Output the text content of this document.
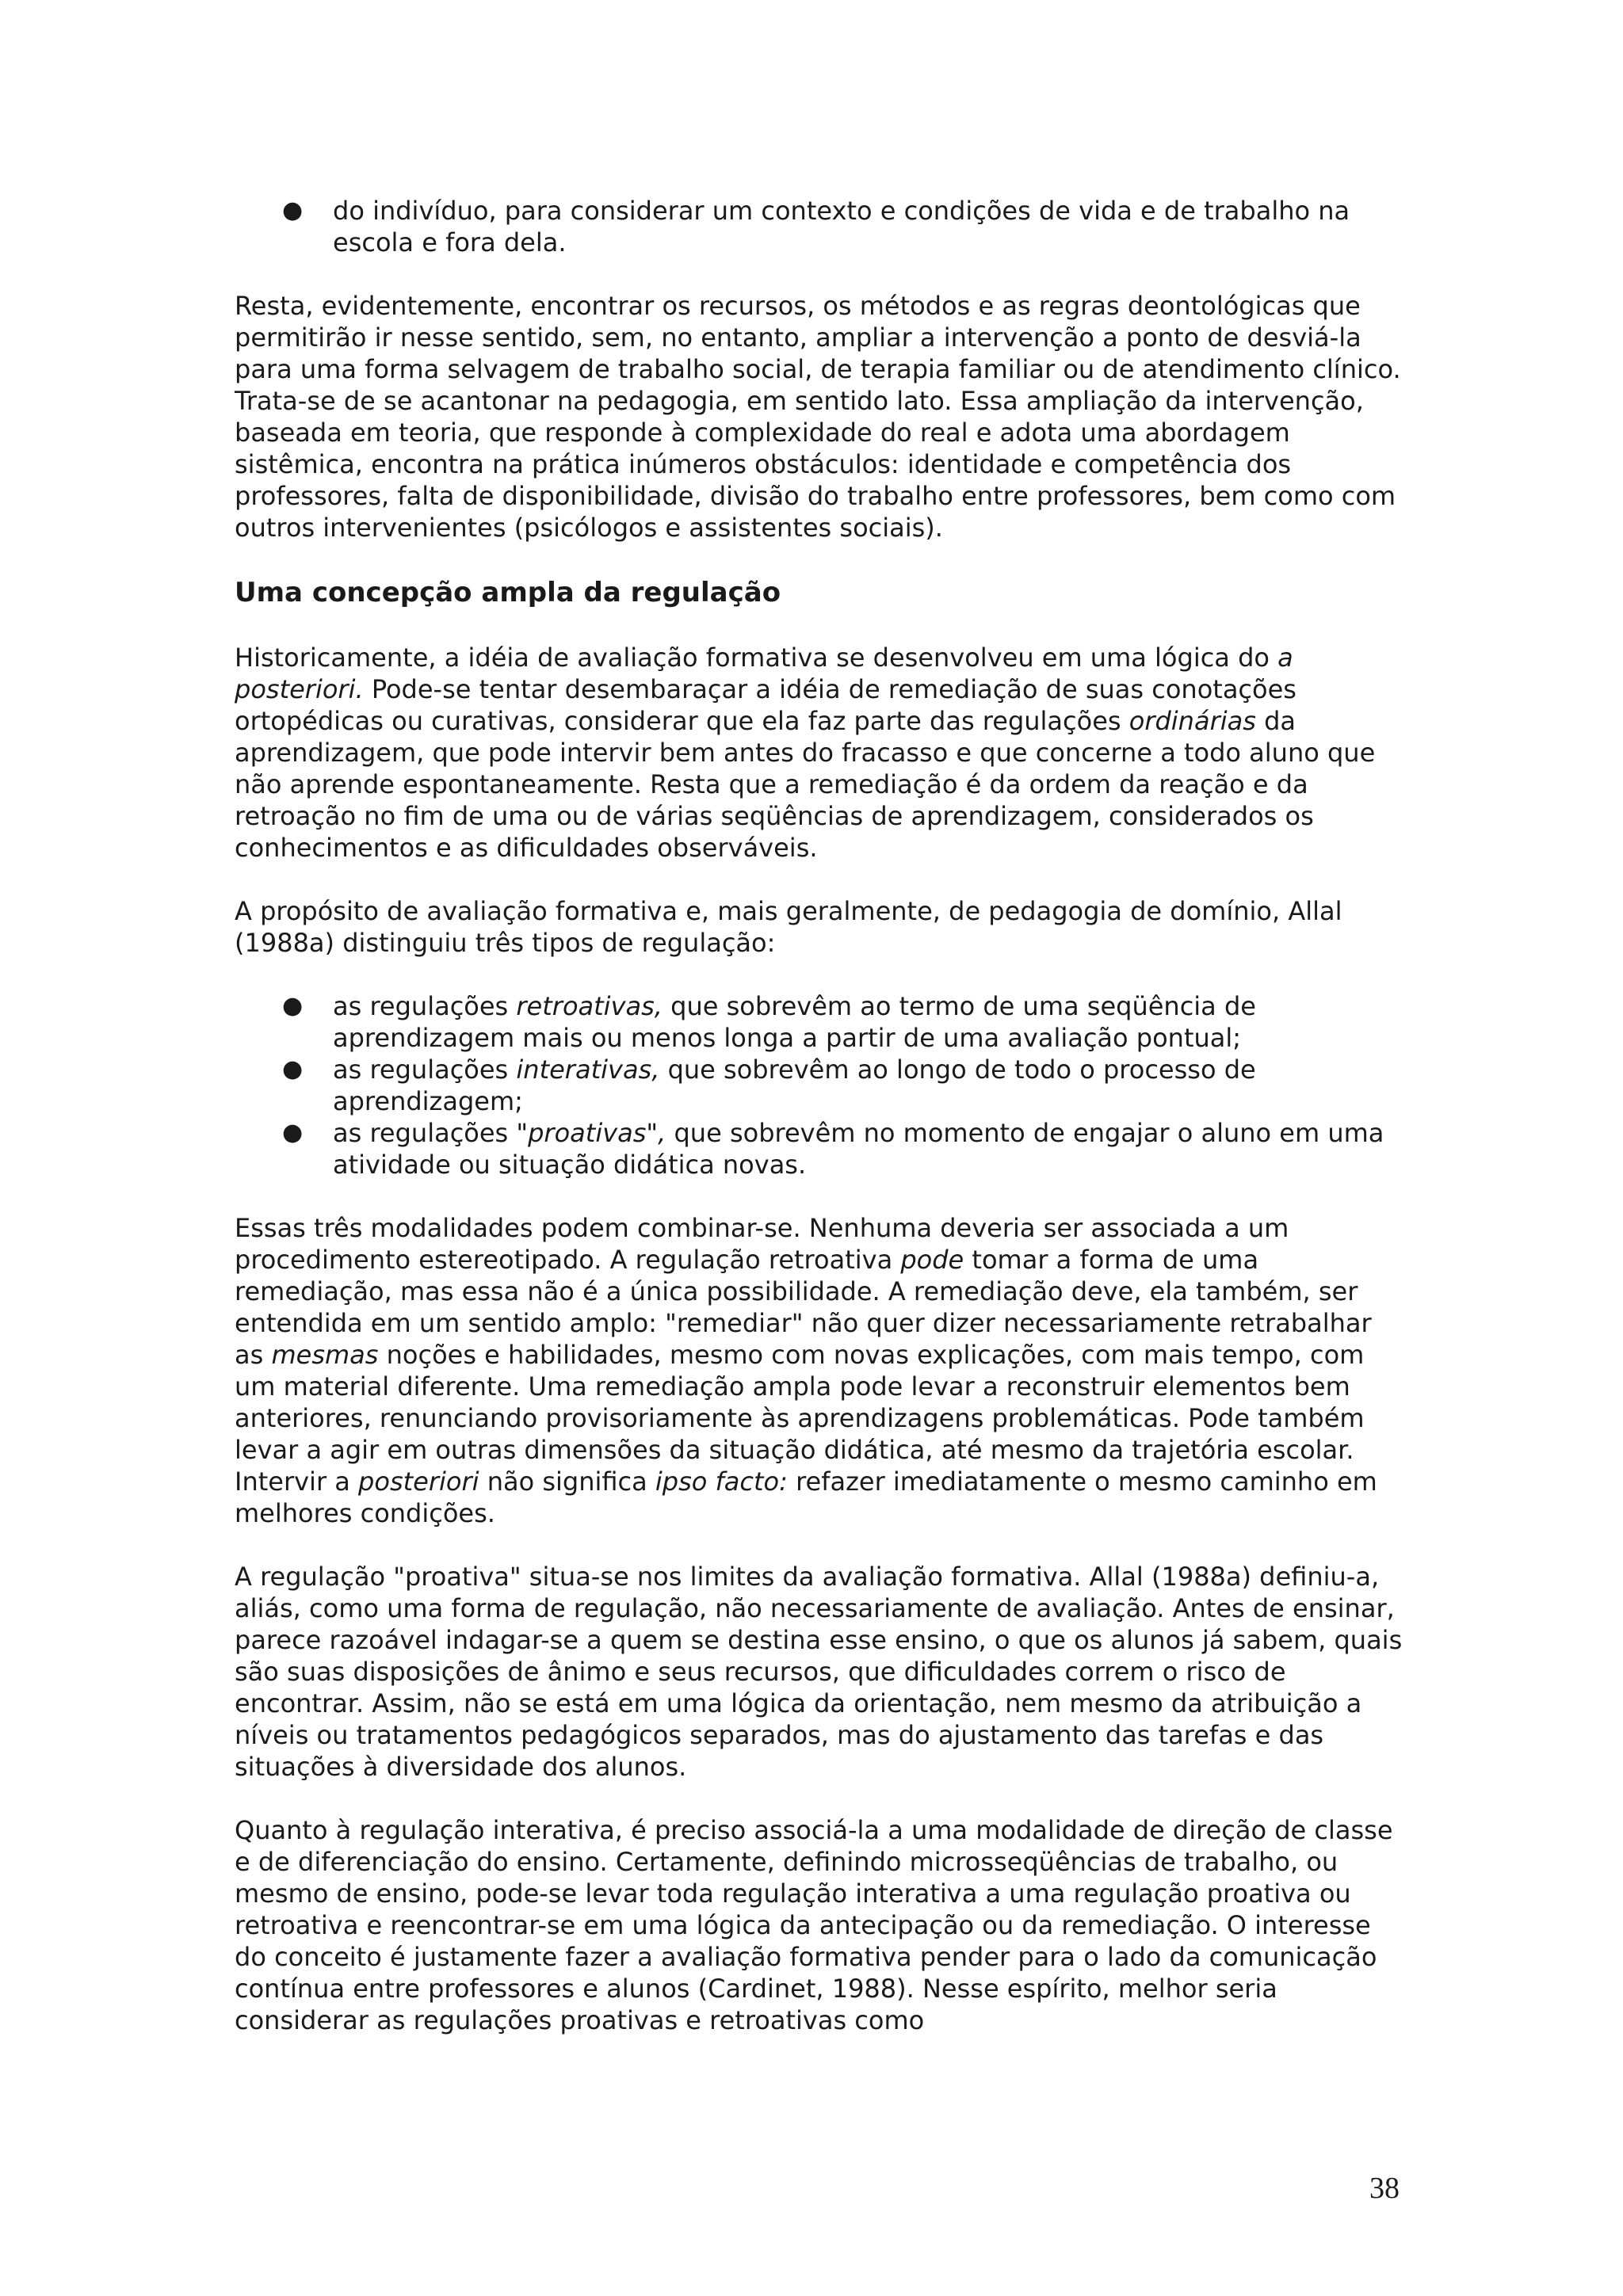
● do indivíduo, para considerar um contexto e condições de vida e de trabalho na escola e fora dela.

Resta, evidentemente, encontrar os recursos, os métodos e as regras deontológicas que permitirão ir nesse sentido, sem, no entanto, ampliar a intervenção a ponto de desviá-la para uma forma selvagem de trabalho social, de terapia familiar ou de atendimento clínico. Trata-se de se acantonar na pedagogia, em sentido lato. Essa ampliação da intervenção, baseada em teoria, que responde à complexidade do real e adota uma abordagem sistêmica, encontra na prática inúmeros obstáculos: identidade e competência dos professores, falta de disponibilidade, divisão do trabalho entre professores, bem como com outros intervenientes (psicólogos e assistentes sociais).

Uma concepção ampla da regulação

Historicamente, a idéia de avaliação formativa se desenvolveu em uma lógica do a posteriori. Pode-se tentar desembaraçar a idéia de remediação de suas conotações ortopédicas ou curativas, considerar que ela faz parte das regulações ordinárias da aprendizagem, que pode intervir bem antes do fracasso e que concerne a todo aluno que não aprende espontaneamente. Resta que a remediação é da ordem da reação e da retroação no fim de uma ou de várias seqüências de aprendizagem, considerados os conhecimentos e as dificuldades observáveis.

A propósito de avaliação formativa e, mais geralmente, de pedagogia de domínio, Allal (1988a) distinguiu três tipos de regulação:

● as regulações retroativas, que sobrevêm ao termo de uma seqüência de aprendizagem mais ou menos longa a partir de uma avaliação pontual;
● as regulações interativas, que sobrevêm ao longo de todo o processo de aprendizagem;
● as regulações "proativas", que sobrevêm no momento de engajar o aluno em uma atividade ou situação didática novas.

Essas três modalidades podem combinar-se. Nenhuma deveria ser associada a um procedimento estereotipado. A regulação retroativa pode tomar a forma de uma remediação, mas essa não é a única possibilidade. A remediação deve, ela também, ser entendida em um sentido amplo: "remediar" não quer dizer necessariamente retrabalhar as mesmas noções e habilidades, mesmo com novas explicações, com mais tempo, com um material diferente. Uma remediação ampla pode levar a reconstruir elementos bem anteriores, renunciando provisoriamente às aprendizagens problemáticas. Pode também levar a agir em outras dimensões da situação didática, até mesmo da trajetória escolar. Intervir a posteriori não significa ipso facto: refazer imediatamente o mesmo caminho em melhores condições.

A regulação "proativa" situa-se nos limites da avaliação formativa. Allal (1988a) definiu-a, aliás, como uma forma de regulação, não necessariamente de avaliação. Antes de ensinar, parece razoável indagar-se a quem se destina esse ensino, o que os alunos já sabem, quais são suas disposições de ânimo e seus recursos, que dificuldades correm o risco de encontrar. Assim, não se está em uma lógica da orientação, nem mesmo da atribuição a níveis ou tratamentos pedagógicos separados, mas do ajustamento das tarefas e das situações à diversidade dos alunos.

Quanto à regulação interativa, é preciso associá-la a uma modalidade de direção de classe e de diferenciação do ensino. Certamente, definindo microsseqüências de trabalho, ou mesmo de ensino, pode-se levar toda regulação interativa a uma regulação proativa ou retroativa e reencontrar-se em uma lógica da antecipação ou da remediação. O interesse do conceito é justamente fazer a avaliação formativa pender para o lado da comunicação contínua entre professores e alunos (Cardinet, 1988). Nesse espírito, melhor seria considerar as regulações proativas e retroativas como

38
